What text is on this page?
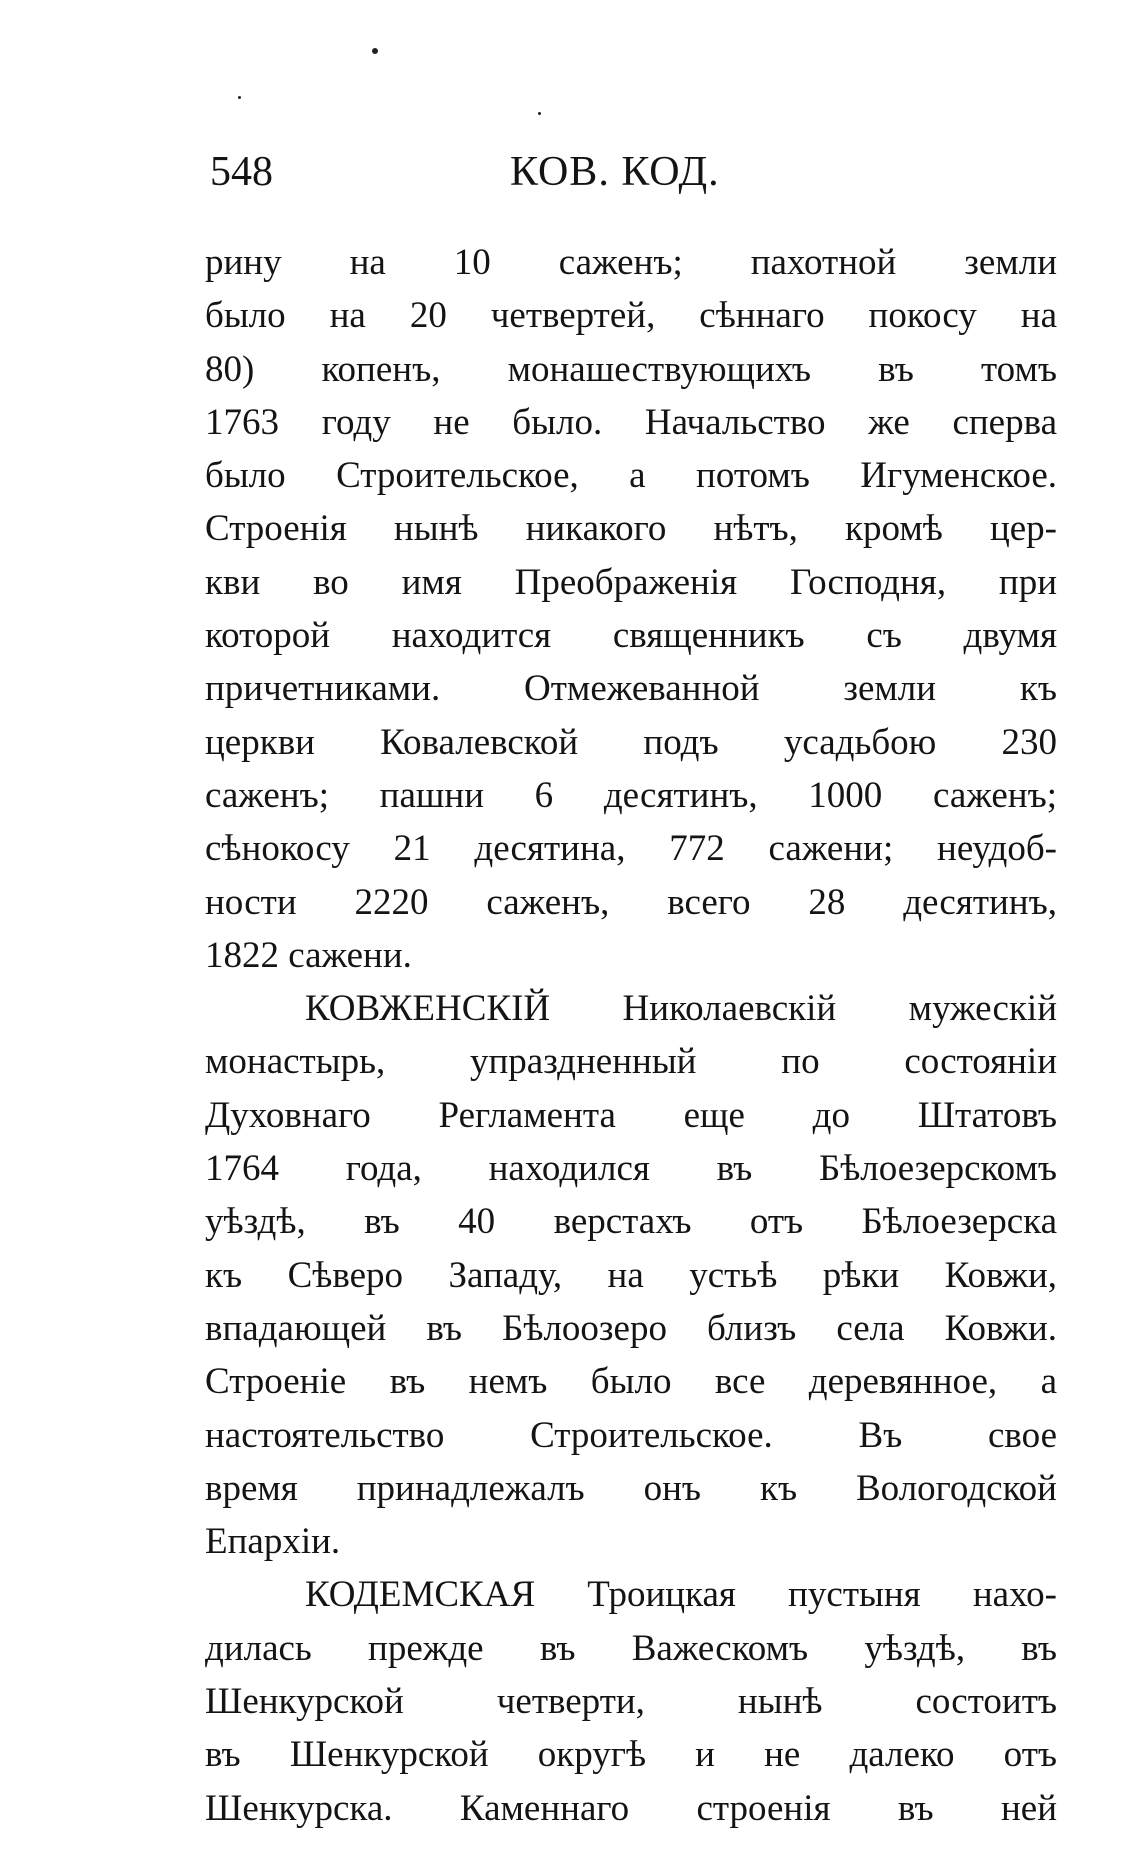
548	КОВ. КОД.
рину на 10 саженъ; пахотной земли
было на 20 четвертей, сѣннаго покосу на
80) копенъ, монашествующихъ въ томъ
1763 году не было. Начальство же сперва
было Строительское, а потомъ Игуменское.
Строенія нынѣ никакого нѣтъ, кромѣ цер-
кви во имя Преображенія Господня, при
которой находится священникъ съ двумя
причетниками. Отмежеванной земли къ
церкви Ковалевской подъ усадьбою 230
саженъ; пашни 6 десятинъ, 1000 саженъ;
сѣнокосу 21 десятина, 772 сажени; неудоб-
ности 2220 саженъ, всего 28 десятинъ,
1822 сажени.
КОВЖЕНСКІЙ Николаевскій мужескій
монастырь, упраздненный по состояніи
Духовнаго Регламента еще до Штатовъ
1764 года, находился въ Бѣлоезерскомъ
уѣздѣ, въ 40 верстахъ отъ Бѣлоезерска
къ Сѣверо Западу, на устьѣ рѣки Ковжи,
впадающей въ Бѣлоозеро близъ села Ковжи.
Строеніе въ немъ было все деревянное, а
настоятельство Строительское. Въ свое
время принадлежалъ онъ къ Вологодской
Епархіи.
КОДЕМСКАЯ Троицкая пустыня нахо-
дилась прежде въ Важескомъ уѣздѣ, въ
Шенкурской четверти, нынѣ состоитъ
въ Шенкурской округѣ и не далеко отъ
Шенкурска. Каменнаго строенія въ ней
